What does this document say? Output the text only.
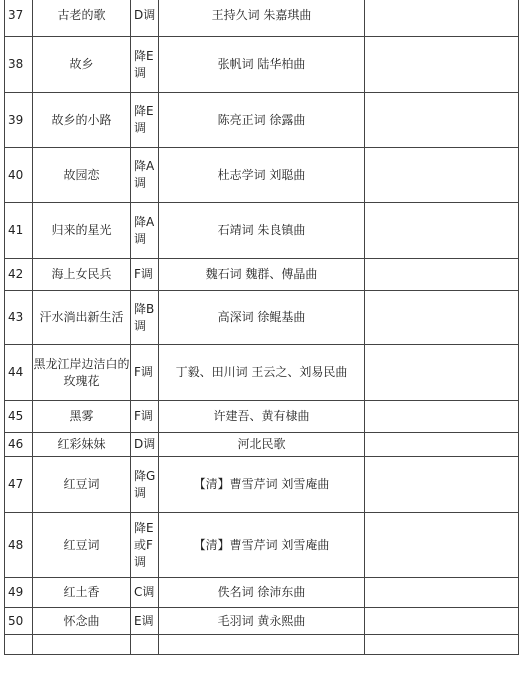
37	古老的歌	D调	王持久词 朱嘉琪曲	
38	故乡	降E
调	张帆词 陆华柏曲	
39	故乡的小路	降E
调	陈亮正词 徐露曲	
40	故园恋	降A
调	杜志学词 刘聪曲	
41	归来的星光	降A
调	石靖词 朱良镇曲	
42	海上女民兵	F调	魏石词 魏群、傅晶曲	
43	汗水淌出新生活	降B
调	高深词 徐鲲基曲	
44	黑龙江岸边洁白的
玫瑰花	F调	丁毅、田川词 王云之、刘易民曲	
45	黑雾	F调	许建吾、黄有棣曲	
46	红彩妹妹	D调	河北民歌	
47	红豆词	降G
调	【清】曹雪芹词 刘雪庵曲	
48	红豆词	降E
或F
调	【清】曹雪芹词 刘雪庵曲	
49	红土香	C调	佚名词 徐沛东曲	
50	怀念曲	E调	毛羽词 黄永熙曲	
